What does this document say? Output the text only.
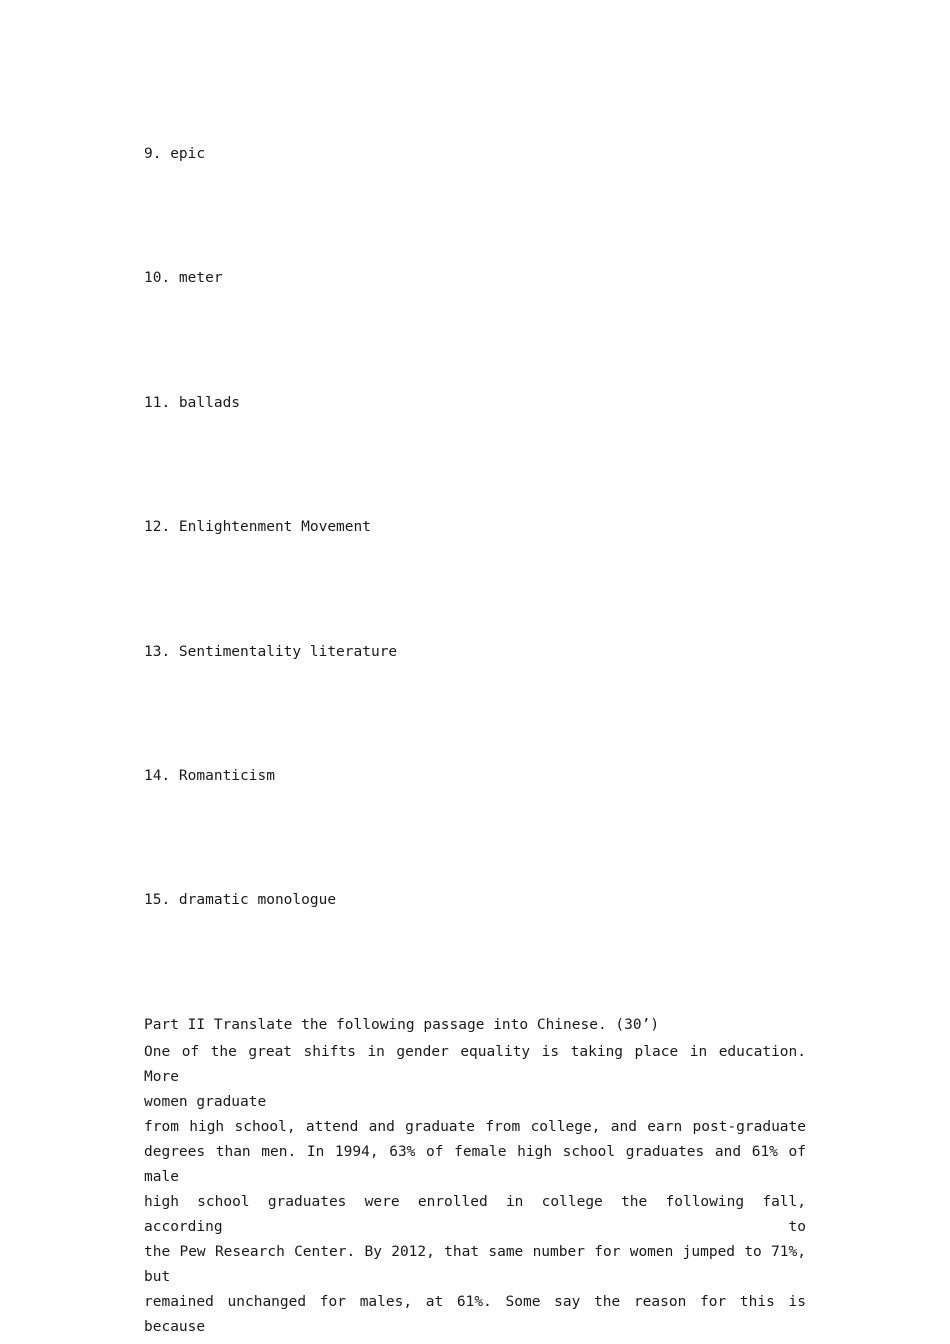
9. epic
10. meter
11. ballads
12. Enlightenment Movement
13. Sentimentality literature
14. Romanticism
15. dramatic monologue
Part II Translate the following passage into Chinese. (30’)
One of the great shifts in gender equality is taking place in education. More
women graduate
from high school, attend and graduate from college, and earn post-graduate
degrees than men. In 1994, 63% of female high school graduates and 61% of male
high school graduates were enrolled in college the following fall, according to
the Pew Research Center. By 2012, that same number for women jumped to 71%, but
remained unchanged for males, at 61%. Some say the reason for this is because
